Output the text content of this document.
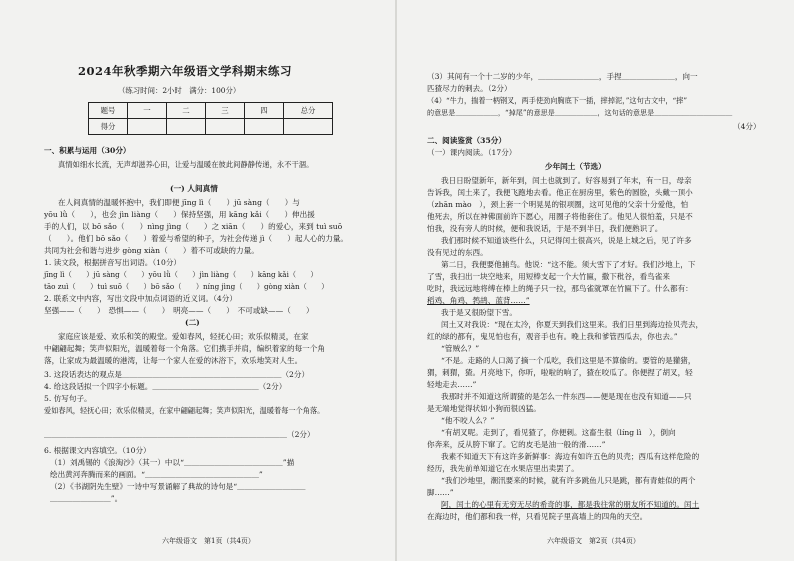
2024年秋季期六年级语文学科期末练习
（练习时间：2小时　满分：100分）
题号	一	二	三	四	总分
得分					
一、积累与运用（30分）
真情如细水长流，无声却滋养心田，让爱与温暖在彼此间静静传递，永不干涸。
(一) 人间真情
在人间真情的温暖怀抱中，我们即便 jīng lì（　　）jū sàng（　　）与
yōu lǜ（　　），也会 jìn liàng（　　）保持坚强，用 kāng kǎi（　　）伸出援
手的人们，以 bō sǎo（　　）nìng jìng（　　）之 xiān（　　）的爱心，来到 tuì suō
（　　）。他们 bō sǎo（　　）着爱与希望的种子，为社会传递 jì（　　）起人心的力量。
共同为社会和谐与进步 gòng xiàn（　　）着不可或缺的力量。
1. 读文段，根据拼音写出词语。（10分）
jīng lì（　　）jū sàng（　　）yōu lǜ（　　）jìn liàng（　　）kāng kǎi（　　）
tāo zuì（　　）tuì suō（　　）bō sǎo（　　）níng jìng（　　）gòng xiàn（　　）
2. 联系文中内容，写出文段中加点词语的近义词。（4分）
坚强——（　　）　恐惧——（　　）　明亮——（　　）　不可或缺——（　　）
(二)
家庭应该是爱、欢乐和笑的殿堂。爱如春风，轻抚心田；欢乐似精灵，在家
中翩翩起舞；笑声似阳光，温暖着每一个角落。它们携手并肩，编织着家的每一个角
落，让家成为最温暖的港湾，让每一个家人在爱的沐浴下，欢乐地笑对人生。
3. 这段话表达的观点是＿＿＿＿＿＿＿＿＿＿＿＿＿＿＿＿＿＿＿＿＿（2分）
4. 给这段话拟一个四字小标题。＿＿＿＿＿＿＿＿＿＿＿＿＿＿（2分）
5. 仿写句子。
爱如春风，轻抚心田；欢乐似精灵，在家中翩翩起舞；笑声似阳光，温暖着每一个角落。
＿＿＿＿＿＿＿＿＿＿＿＿＿＿＿＿＿＿＿＿＿＿＿＿＿＿＿＿＿＿＿＿（2分）
6. 根据课文内容填空。（10分）
（1）刘禹锡的《浪淘沙》（其一）中以“＿＿＿＿＿＿＿＿＿＿＿＿＿”描
绘出黄河奔腾而来的画面。“＿＿＿＿＿＿＿＿＿＿＿＿＿＿＿”
（2）《书湖阴先生壁》一诗中写景诵解了典故的诗句是“＿＿＿＿＿＿＿＿＿
＿＿＿＿＿＿＿＿”。
六年级语文　第1页（共4页）
（3）其间有一个十二岁的少年，＿＿＿＿＿＿＿＿，手捏＿＿＿＿＿＿＿，向一
匹猹尽力的刺去。（2分）
（4）“牛力，揣着一柄钢叉，两手使劲向胸底下一插，摔掉泥，”这句古文中，“摔”
的意思是＿＿＿＿＿＿，“掉尾”的意思是＿＿＿＿＿＿，这句话的意思是＿＿＿＿＿＿＿＿＿＿＿
（4分）
二、阅读鉴赏（35分）
（一）课内阅读。（17分）
少年闰土（节选）
我日日盼望新年，新年到，闰土也就到了。好容易到了年末，有一日，母亲
告诉我，闰土来了，我便飞跑地去看。他正在厨房里，紫色的圆脸，头戴一顶小
（zhān mào　），颈上套一个明晃晃的银项圈，这可见他的父亲十分爱他，怕
他死去，所以在神佛面前许下愿心，用圈子将他套住了。他见人很怕羞，只是不
怕我，没有旁人的时候，便和我说话，于是不到半日，我们便熟识了。
我们那时候不知道谈些什么，只记得闰土很高兴，说是上城之后，见了许多
没有见过的东西。
第二日，我便要他捕鸟。他说：“这不能。须大雪下了才好。我们沙地上，下
了雪，我扫出一块空地来，用短棒支起一个大竹匾，撒下秕谷，看鸟雀来
吃时，我远远地将缚在棒上的绳子只一拉，那鸟雀就罩在竹匾下了。什么都有：
稻鸡、角鸡、鹁鸪、蓝背……”
我于是又很盼望下雪。
闰土又对我说：“现在太冷，你夏天到我们这里来。我们日里到海边捡贝壳去，
红的绿的都有，鬼见怕也有，观音手也有。晚上我和爹管西瓜去，你也去。”
“管贼么？”
“不是。走路的人口渴了摘一个瓜吃，我们这里是不算偷的。要管的是獾猪，
猬，刺猬，猹。月亮地下，你听，啦啦的响了，猹在咬瓜了。你便捏了胡叉，轻
轻地走去……”
我那时并不知道这所谓猹的是怎么一件东西——便是现在也没有知道——只
是无端地觉得状如小狗而很凶猛。
“他不咬人么？”
“有胡叉呢。走到了，看见猹了，你便刺。这畜生很（líng lì　），倒向
你奔来，反从胯下窜了。它的皮毛是油一般的滑……”
我素不知道天下有这许多新鲜事：海边有如许五色的贝壳；西瓜有这样危险的
经历，我先前单知道它在水果店里出卖罢了。
“我们沙地里，潮汛要来的时候，就有许多跳鱼儿只是跳，都有青蛙似的两个
脚……”
阿，闰土的心里有无穷无尽的希奇的事，都是我往常的朋友所不知道的。闰土
在海边时，他们都和我一样，只看见院子里高墙上的四角的天空。
六年级语文　第2页（共4页）
